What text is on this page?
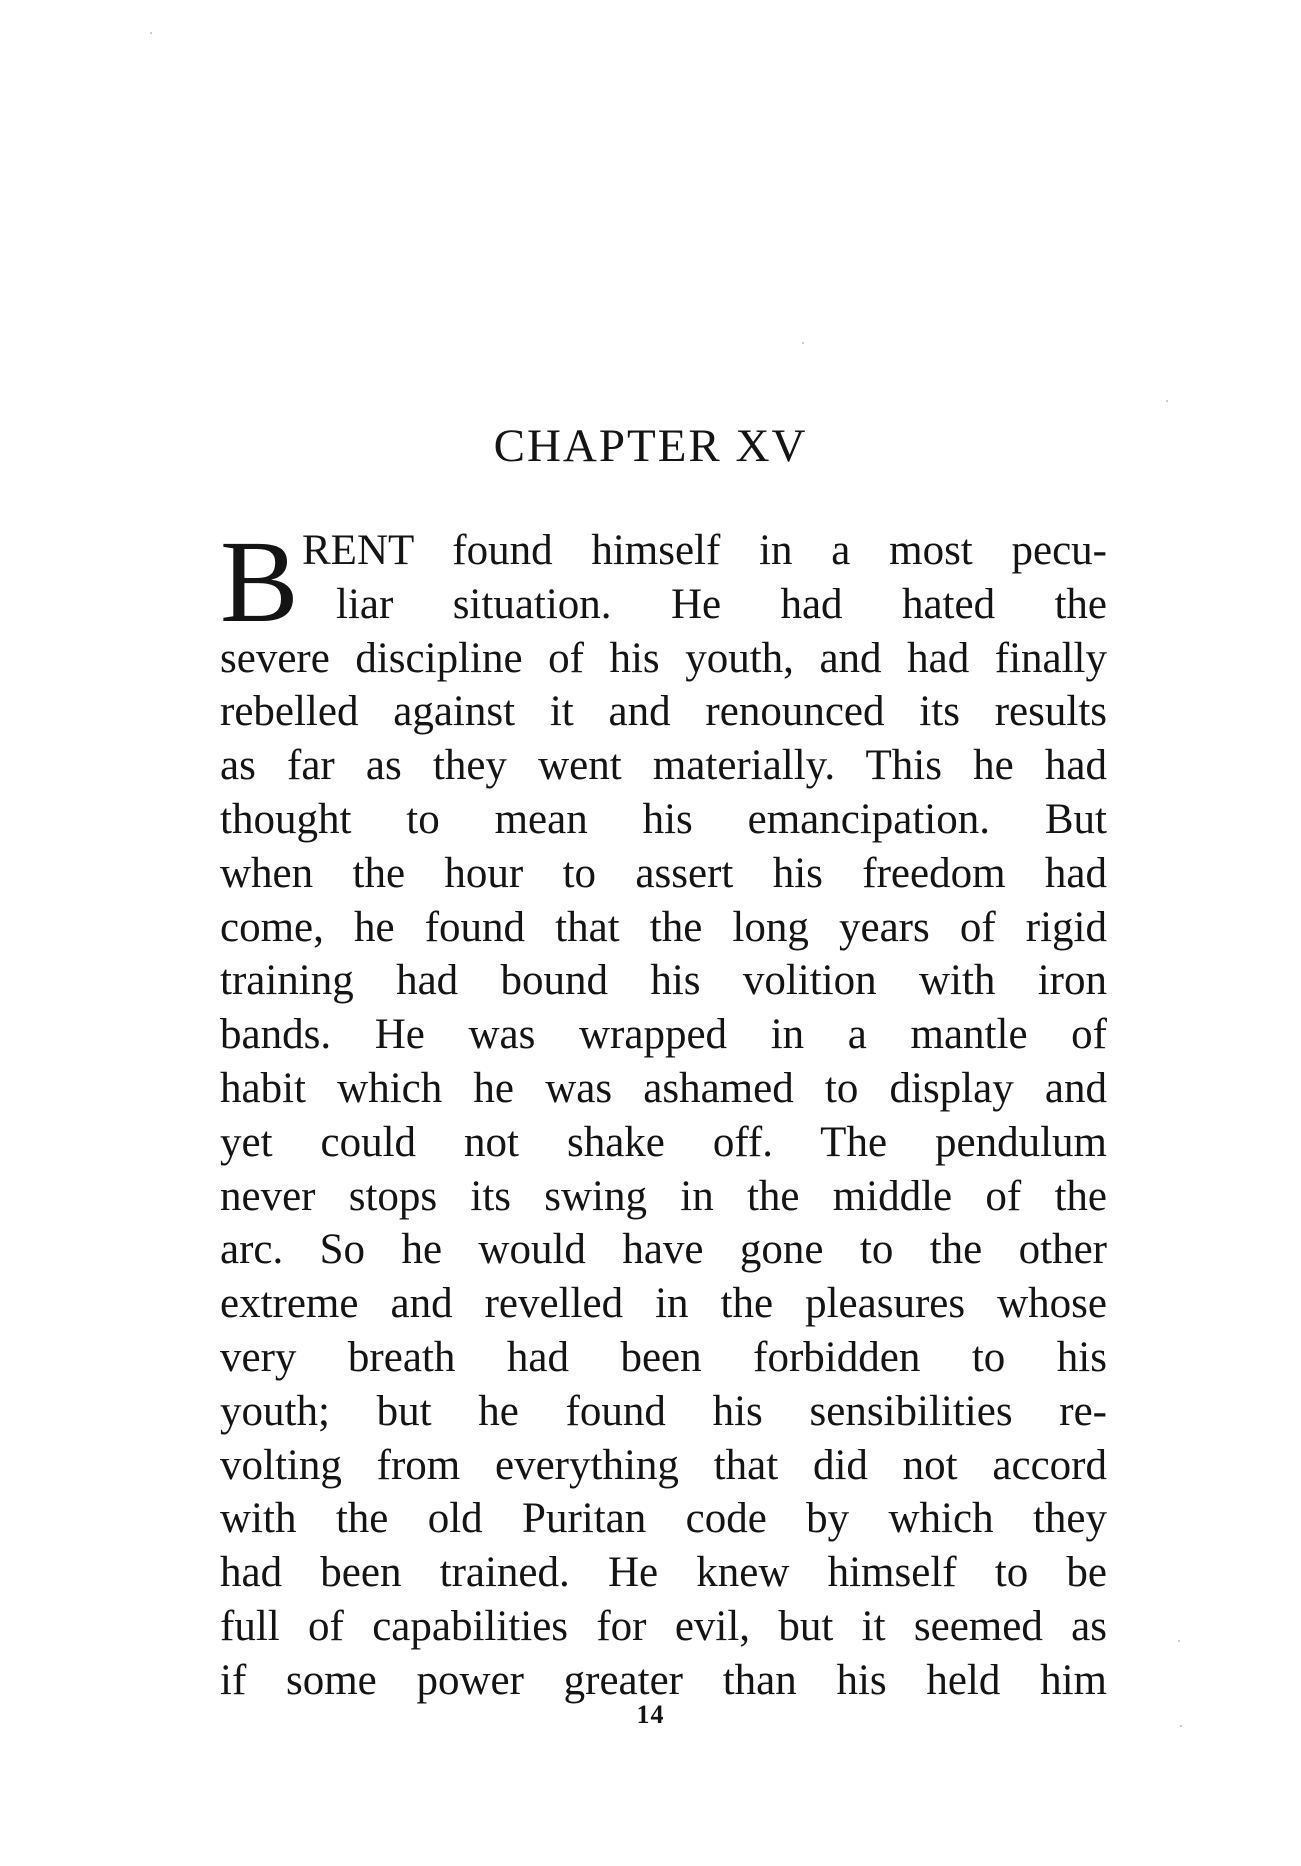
CHAPTER XV
B RENT found himself in a most pecu-
liar situation. He had hated the
severe discipline of his youth, and had finally
rebelled against it and renounced its results
as far as they went materially. This he had
thought to mean his emancipation. But
when the hour to assert his freedom had
come, he found that the long years of rigid
training had bound his volition with iron
bands. He was wrapped in a mantle of
habit which he was ashamed to display and
yet could not shake off. The pendulum
never stops its swing in the middle of the
arc. So he would have gone to the other
extreme and revelled in the pleasures whose
very breath had been forbidden to his
youth; but he found his sensibilities re-
volting from everything that did not accord
with the old Puritan code by which they
had been trained. He knew himself to be
full of capabilities for evil, but it seemed as
if some power greater than his held him
14
